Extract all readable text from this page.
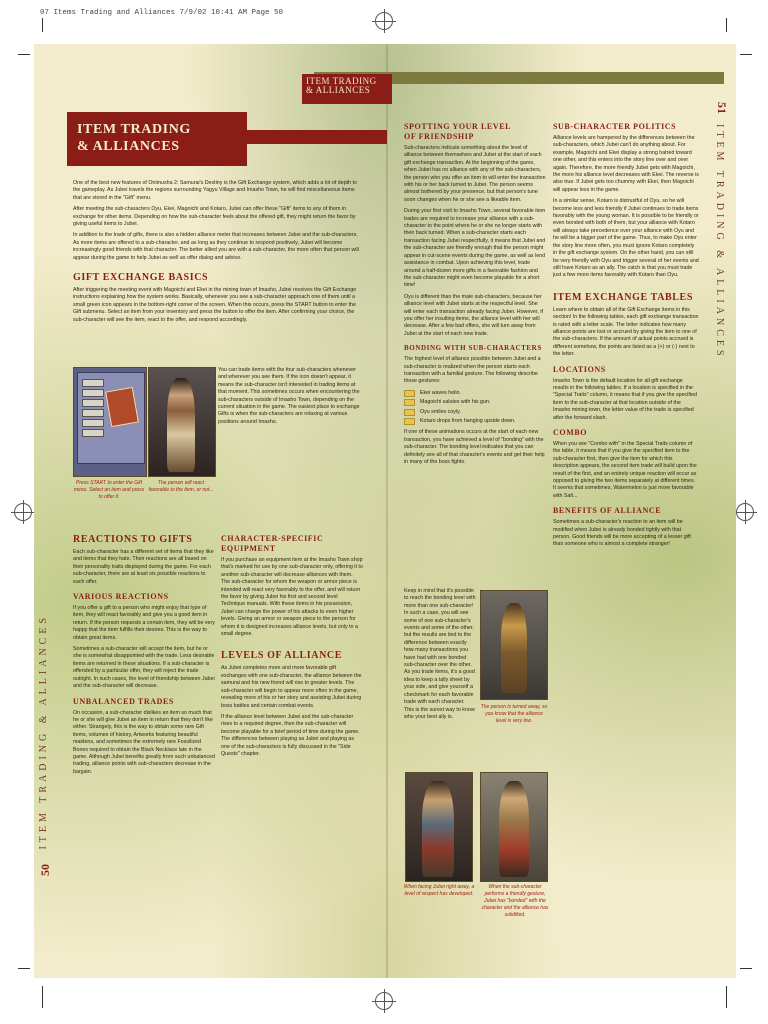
07 Items Trading and Alliances 7/9/02 10:41 AM Page 50
ITEM TRADING
& ALLIANCES
ITEM TRADING
& ALLIANCES
ITEM TRADING & ALLIANCES
50
ITEM TRADING & ALLIANCES
51

One of the best new features of Onimusha 2: Samurai's Destiny is the Gift Exchange system, which adds a lot of depth to the gameplay. As Jubei travels the regions surrounding Yagyu Village and Imasho Town, he will find miscellaneous items that are stored in the "Gift" menu.

After meeting the sub-characters Oyu, Ekei, Magoichi and Kotaro, Jubei can offer these "Gift" items to any of them in exchange for other items. Depending on how the sub-character feels about the offered gift, they might return the favor by giving useful items to Jubei.

In addition to the trade of gifts, there is also a hidden alliance meter that increases between Jubei and the sub-characters. As more items are offered to a sub-character, and as long as they continue to respond positively, Jubei will become increasingly good friends with that character. The better allied you are with a sub-character, the more often that person will appear during the game to help Jubei as well as offer dialog and advice.

GIFT EXCHANGE BASICS

After triggering the meeting event with Magoichi and Ekei in the mining town of Imasho, Jubei receives the Gift Exchange instructions explaining how the system works. Basically, whenever you see a sub-character approach one of them until a small green icon appears in the bottom-right corner of the screen. When this occurs, press the START button to enter the Gift submenu. Select an item from your inventory and press the button to offer the item. After confirming your choice, the sub-character will see the item, react to the offer, and respond accordingly.

You can trade items with the four sub-characters whenever and wherever you see them. If the icon doesn't appear, it means the sub-character isn't interested in trading items at that moment. This sometimes occurs when encountering the sub-characters outside of Imasho Town, depending on the current situation in the game. The easiest place to exchange Gifts is when the sub-characters are relaxing at various positions around Imasho.

Press START to enter the Gift menu. Select an item and press to offer it.
The person will react favorable to the item, or not...
REACTIONS TO GIFTS

Each sub-character has a different set of items that they like and items that they hate. Their reactions are all based on their personality traits displayed during the game. For each sub-character, there are at least six possible reactions to each offer.

VARIOUS REACTIONS

If you offer a gift to a person who might enjoy that type of item, they will react favorably and give you a good item in return. If the person requests a certain item, they will be very happy that the item fulfills their desires. This is the way to obtain great items.

Sometimes a sub-character will accept the item, but he or she is somewhat disappointed with the trade. Less desirable items are returned in these situations. If a sub-character is offended by a particular offer, they will reject the trade outright. In such cases, the level of friendship between Jubei and the sub-character will decrease.

UNBALANCED TRADES

On occasion, a sub-character dislikes an item so much that he or she will give Jubei an item in return that they don't like either. Strangely, this is the way to obtain some rare Gift items, volumes of history, Artworks featuring beautiful maidens, and sometimes the extremely rare Fossilized Bones required to obtain the Black Necklace late in the game. Although Jubei benefits greatly from such unbalanced trading, alliance points with sub-characters decrease in the bargain.

CHARACTER-SPECIFIC
EQUIPMENT

If you purchase an equipment item at the Imasho Town shop that's marked for use by one sub-character only, offering it to another sub-character will decrease alliances with them. The sub-character for whom the weapon or armor piece is intended will react very favorably to the offer, and will return the favor by giving Jubei his first and second level Technique manuals. With these items in his possession, Jubei can charge the power of his attacks to even higher levels. Giving an armor or weapon piece to the person for whom it is designed increases alliance levels, but only to a small degree.

LEVELS OF ALLIANCE

As Jubei completes more and more favorable gift exchanges with one sub-character, the alliance between the samurai and his new friend will rise to greater levels. The sub-character will begin to appear more often in the game, revealing more of his or her story and assisting Jubei during boss battles and certain combat events.

If the alliance level between Jubei and the sub-character rises to a required degree, then the sub-character will become playable for a brief period of time during the game. The differences between playing as Jubei and playing as one of the sub-characters is fully discussed in the "Side Quests" chapter.

SPOTTING YOUR LEVEL
OF FRIENDSHIP

Sub-characters indicate something about the level of alliance between themselves and Jubei at the start of each gift exchange transaction. At the beginning of the game, when Jubei has no alliance with any of the sub-characters, the person who you offer an item to will enter the transaction with his or her back turned to Jubei. The person seems almost bothered by your presence, but that person's tune soon changes when he or she see a likeable item.

During your first visit to Imasho Town, several favorable item trades are required to increase your alliance with a sub-character to the point where he or she no longer starts with their back turned. When a sub-character starts each transaction facing Jubei respectfully, it means that Jubei and the sub-character are friendly enough that the person might appear in cut-scene events during the game, as well as lend assistance in combat. Upon achieving this level, trade around a half-dozen more gifts in a favorable fashion and the sub-character might even become playable for a short time!

Oyu is different than the male sub-characters, because her alliance level with Jubei starts at the respectful level. She will enter each transaction already facing Jubei. However, if you offer her insulting items, the alliance level with her will decrease. After a few bad offers, she will turn away from Jubei at the start of each new trade.

BONDING WITH SUB-CHARACTERS

The highest level of alliance possible between Jubei and a sub-character is realized when the person starts each transaction with a familial gesture. The following describe those gestures:

Ekei waves hello.
Magoichi salutes with his gun.
Oyu smiles coyly.
Kotaro drops from hanging upside down.

If one of these animations occurs at the start of each new transaction, you have achieved a level of "bonding" with the sub-character. The bonding level indicates that you can definitely see all of that character's events and get their help in many of the boss fights.

Keep in mind that it's possible to reach the bonding level with more than one sub-character! In such a case, you will see some of one sub-character's events and some of the other, but the results are tied to the difference between exactly how many transactions you have had with one bonded sub-character over the other. As you trade items, it's a good idea to keep a tally sheet by your side, and give yourself a checkmark for each favorable trade with each character. This is the surest way to know who your best ally is.

The person is turned away, so you know that the alliance level is very low.
When facing Jubei right away, a level of respect has developed.
When the sub-character performs a friendly gesture, Jubei has "bonded" with the character and the alliance has solidified.
SUB-CHARACTER POLITICS

Alliance levels are hampered by the differences between the sub-characters, which Jubei can't do anything about. For example, Magoichi and Ekei display a strong hatred toward one other, and this enters into the story line over and over again. Therefore, the more friendly Jubei gets with Magoichi, the more his alliance level decreases with Ekei. The reverse is also true. If Jubei gets too chummy with Ekei, then Magoichi will appear less in the game.

In a similar sense, Kotaro is distrustful of Oyu, so he will become less and less friendly if Jubei continues to trade items favorably with the young woman. It is possible to be friendly or even bonded with both of them, but your alliance with Kotaro will always take precedence over your alliance with Oyu and he will be a bigger part of the game. Thus, to make Oyu enter the story line more often, you must ignore Kotaro completely in the gift exchange system. On the other hand, you can still be very friendly with Oyu and trigger several of her events and still have Kotaro as an ally. The catch is that you must trade just a few more items favorably with Kotaro than Oyu.

ITEM EXCHANGE TABLES

Learn where to obtain all of the Gift Exchange items in this section! In the following tables, each gift exchange transaction is rated with a letter scale. The letter indicates how many alliance points are lost or accrued by giving the item to one of the sub-characters. If the amount of actual points accrued is different somehow, the points are listed as a (+) or (-) next to the letter.

LOCATIONS

Imasho Town is the default location for all gift exchange results in the following tables. If a location is specified in the "Special Traits" column, it means that if you give the specified item to the sub-character at that location outside of the Imasho mining town, the letter value of the trade is specified after the forward slash.

COMBO

When you see "Combo with" in the Special Traits column of the table, it means that if you give the specified item to the sub-character first, then give the item for which this description appears, the second item trade will build upon the result of the first, and an entirely unique reaction will occur as opposed to giving the two items separately at different times. It seems that sometimes, Watermelon is just more favorable with Salt...

BENEFITS OF ALLIANCE

Sometimes a sub-character's reaction to an item will be modified when Jubei is already bonded tightly with that person. Good friends will be more accepting of a lesser gift than someone who is almost a complete stranger!
